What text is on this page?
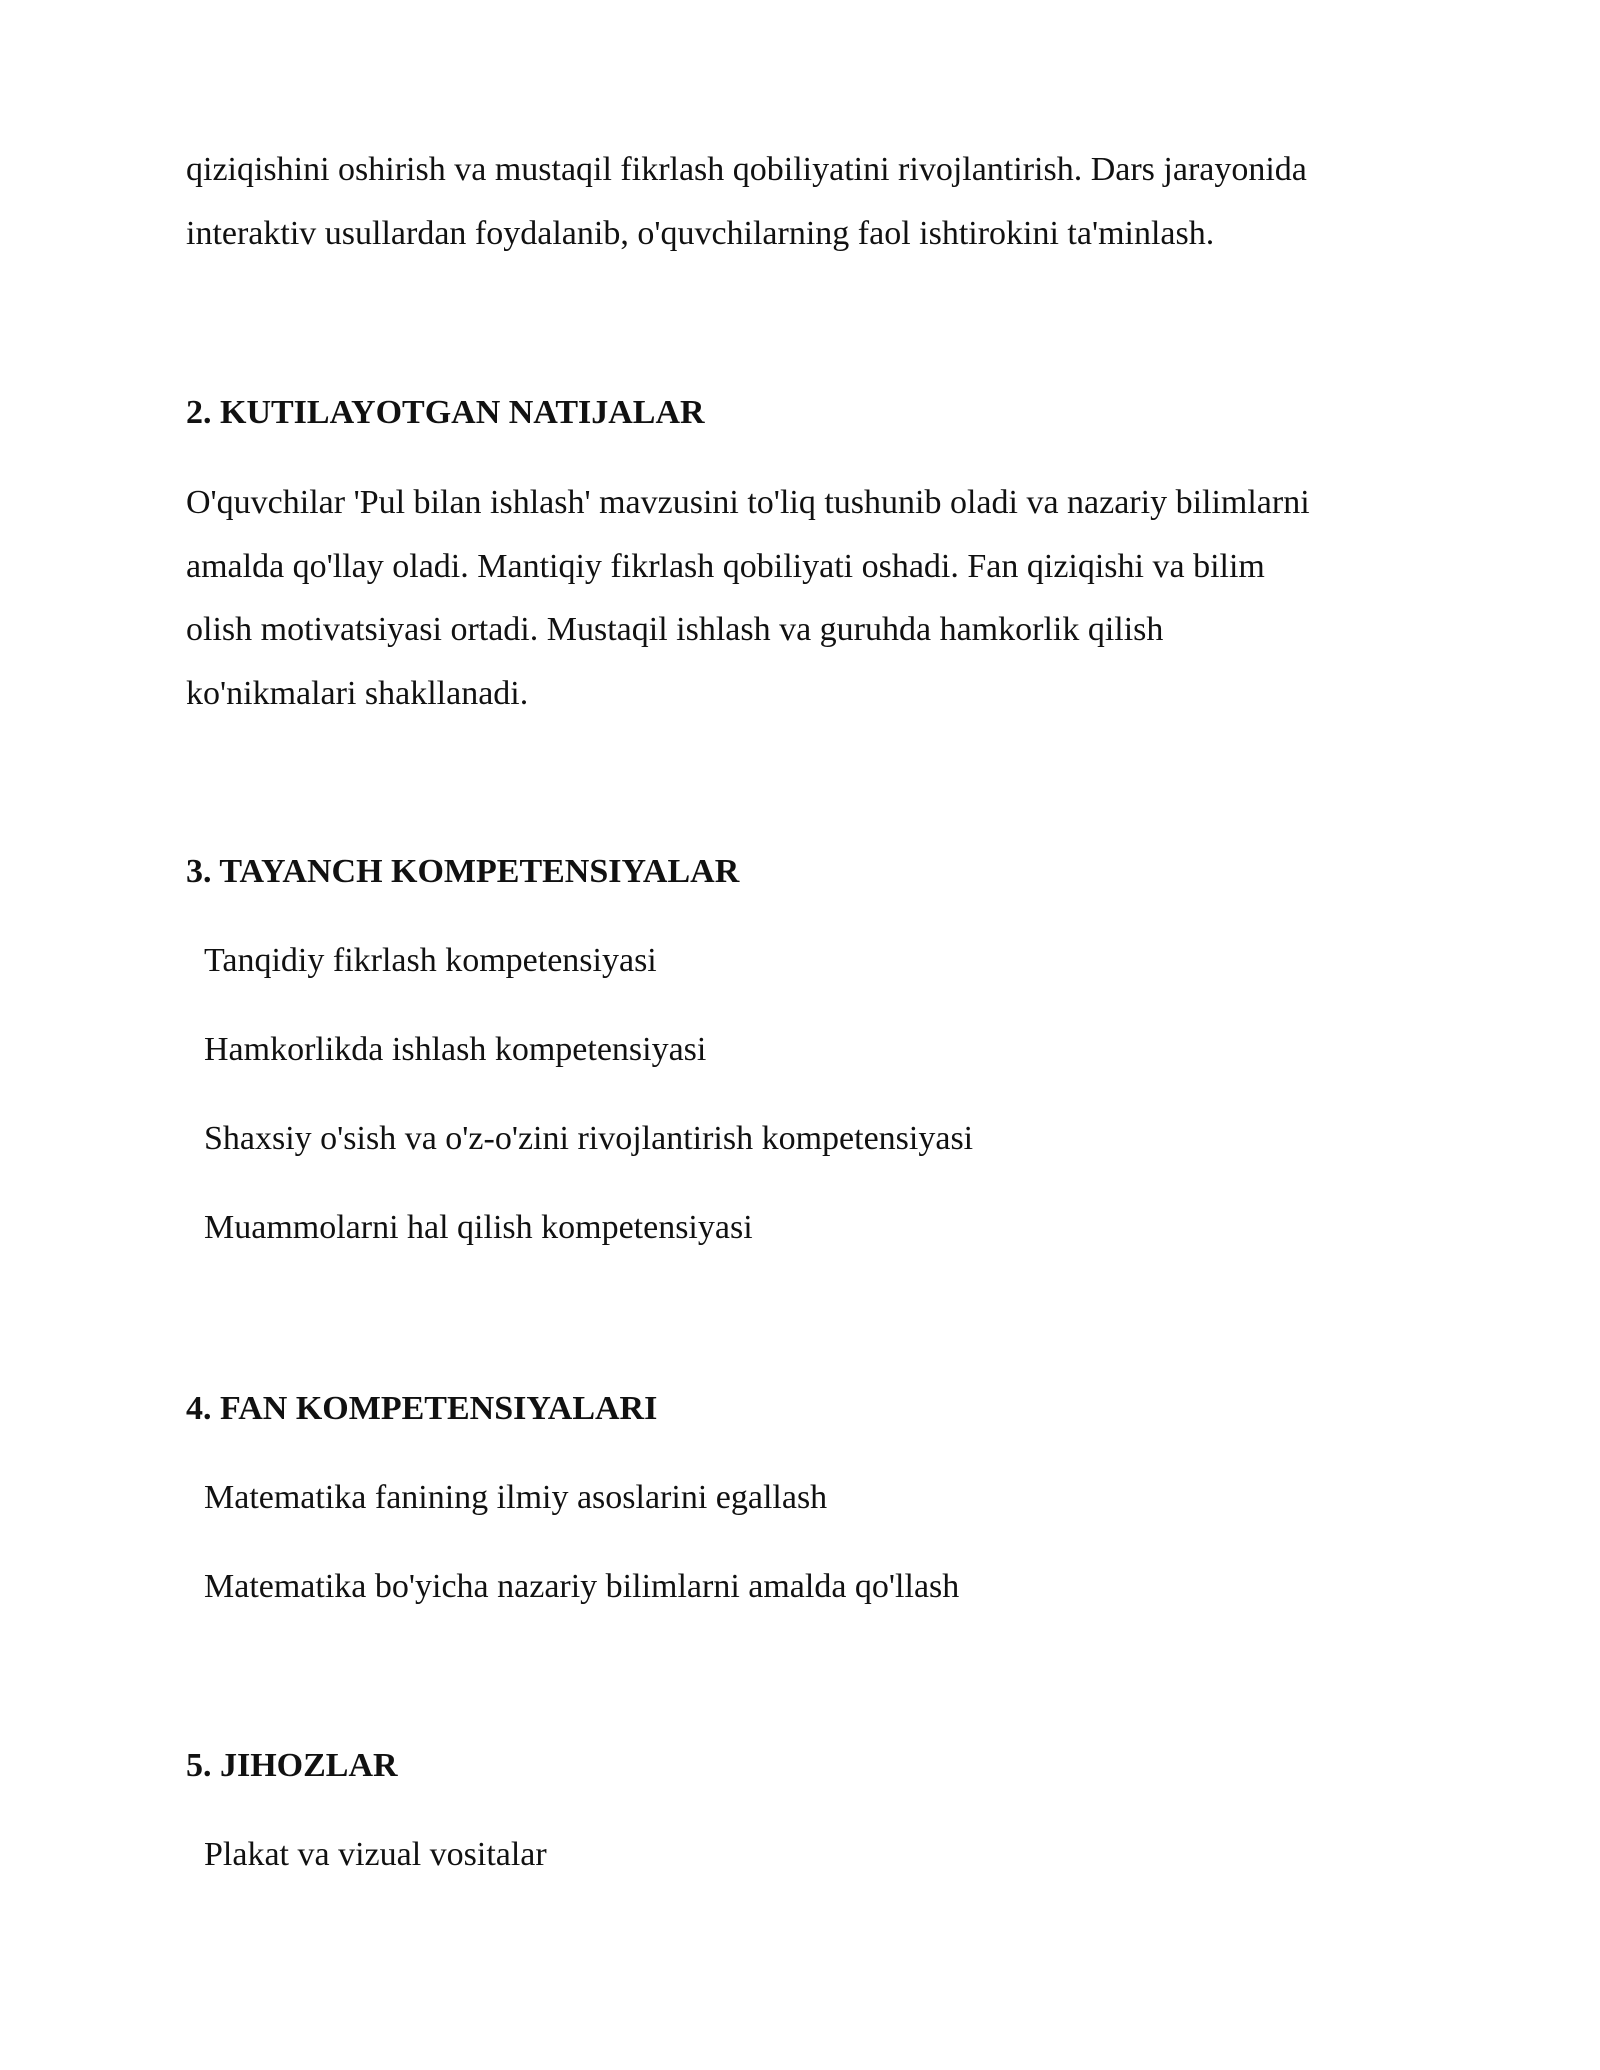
qiziqishini oshirish va mustaqil fikrlash qobiliyatini rivojlantirish. Dars jarayonida
interaktiv usullardan foydalanib, o'quvchilarning faol ishtirokini ta'minlash.
2. KUTILAYOTGAN NATIJALAR
O'quvchilar 'Pul bilan ishlash' mavzusini to'liq tushunib oladi va nazariy bilimlarni
amalda qo'llay oladi. Mantiqiy fikrlash qobiliyati oshadi. Fan qiziqishi va bilim
olish motivatsiyasi ortadi. Mustaqil ishlash va guruhda hamkorlik qilish
ko'nikmalari shakllanadi.
3. TAYANCH KOMPETENSIYALAR
Tanqidiy fikrlash kompetensiyasi
Hamkorlikda ishlash kompetensiyasi
Shaxsiy o'sish va o'z-o'zini rivojlantirish kompetensiyasi
Muammolarni hal qilish kompetensiyasi
4. FAN KOMPETENSIYALARI
Matematika fanining ilmiy asoslarini egallash
Matematika bo'yicha nazariy bilimlarni amalda qo'llash
5. JIHOZLAR
Plakat va vizual vositalar
